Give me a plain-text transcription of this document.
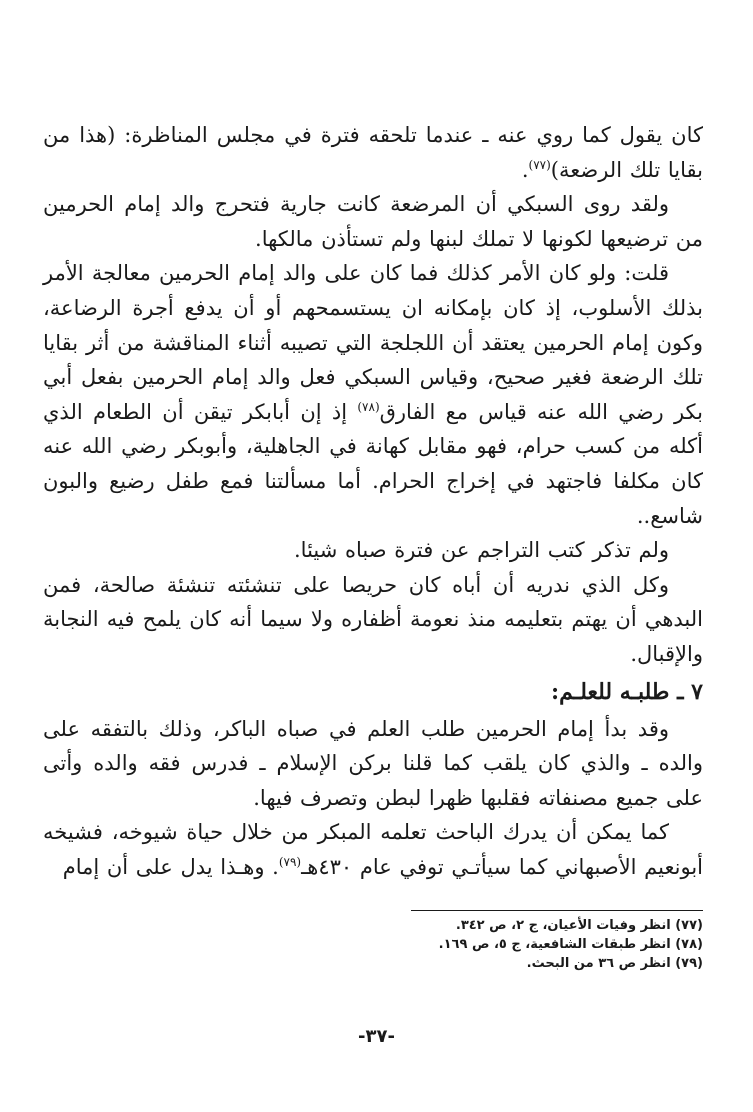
كان يقول كما روي عنه ـ عندما تلحقه فترة في مجلس المناظرة: (هذا من بقايا تلك الرضعة)$^{(٧٧)}$.

ولقد روى السبكي أن المرضعة كانت جارية فتحرج والد إمام الحرمين من ترضيعها لكونها لا تملك لبنها ولم تستأذن مالكها.

قلت: ولو كان الأمر كذلك فما كان على والد إمام الحرمين معالجة الأمر بذلك الأسلوب، إذ كان بإمكانه ان يستسمحهم أو أن يدفع أجرة الرضاعة، وكون إمام الحرمين يعتقد أن اللجلجة التي تصيبه أثناء المناقشة من أثر بقايا تلك الرضعة فغير صحيح، وقياس السبكي فعل والد إمام الحرمين بفعل أبي بكر رضي الله عنه قياس مع الفارق$^{(٧٨)}$ إذ إن أبابكر تيقن أن الطعام الذي أكله من كسب حرام، فهو مقابل كهانة في الجاهلية، وأبوبكر رضي الله عنه كان مكلفا فاجتهد في إخراج الحرام. أما مسألتنا فمع طفل رضيع والبون شاسع..

ولم تذكر كتب التراجم عن فترة صباه شيئا.

وكل الذي ندريه أن أباه كان حريصا على تنشئته تنشئة صالحة، فمن البدهي أن يهتم بتعليمه منذ نعومة أظفاره ولا سيما أنه كان يلمح فيه النجابة والإقبال.

٧ ـ طلبـه للعلـم:

وقد بدأ إمام الحرمين طلب العلم في صباه الباكر، وذلك بالتفقه على والده ـ والذي كان يلقب كما قلنا بركن الإسلام ـ فدرس فقه والده وأتى على جميع مصنفاته فقلبها ظهرا لبطن وتصرف فيها.

كما يمكن أن يدرك الباحث تعلمه المبكر من خلال حياة شيوخه، فشيخه أبونعيم الأصبهاني كما سيأتـي توفي عام ٤٣٠هـ$^{(٧٩)}$. وهـذا يدل على أن إمام

(٧٧) انظر وفيات الأعيان، ج ٢، ص ٣٤٢.

(٧٨) انظر طبقات الشافعية، ج ٥، ص ١٦٩.

(٧٩) انظر ص ٣٦ من البحث.

-٣٧-
